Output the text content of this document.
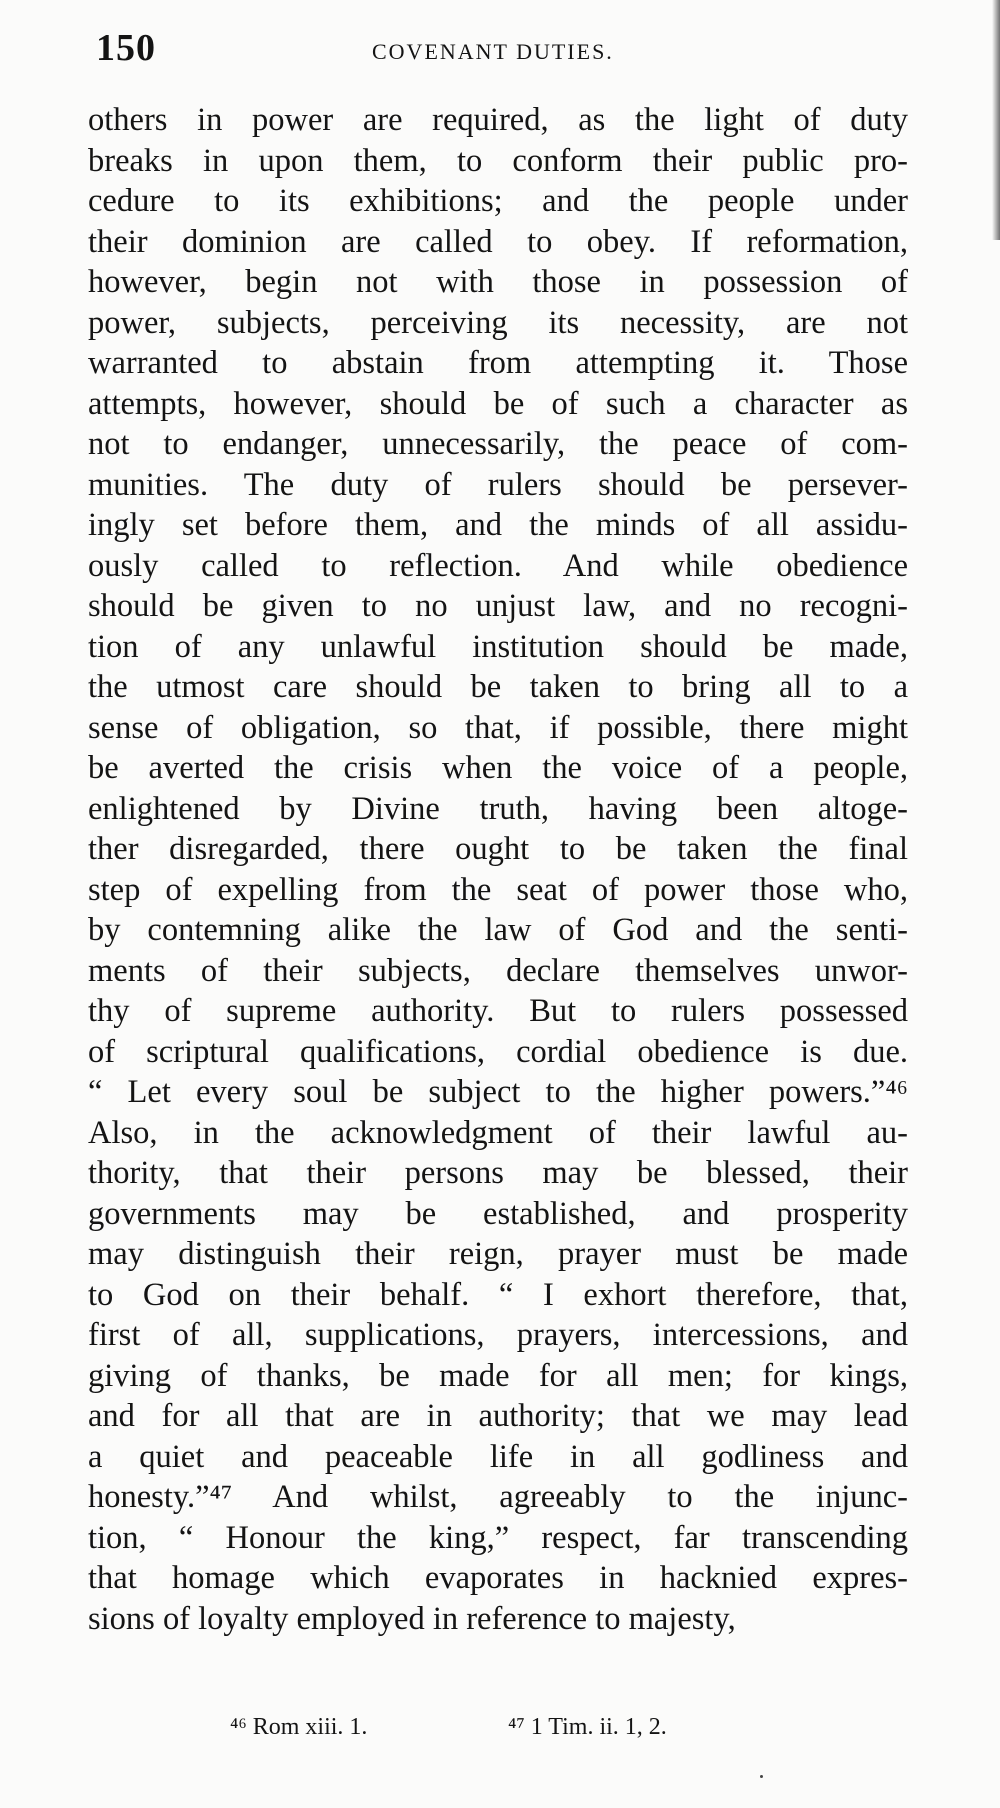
150	COVENANT DUTIES.
others in power are required, as the light of duty
breaks in upon them, to conform their public pro-
cedure to its exhibitions; and the people under
their dominion are called to obey. If reformation,
however, begin not with those in possession of
power, subjects, perceiving its necessity, are not
warranted to abstain from attempting it. Those
attempts, however, should be of such a character as
not to endanger, unnecessarily, the peace of com-
munities. The duty of rulers should be persever-
ingly set before them, and the minds of all assidu-
ously called to reflection. And while obedience
should be given to no unjust law, and no recogni-
tion of any unlawful institution should be made,
the utmost care should be taken to bring all to a
sense of obligation, so that, if possible, there might
be averted the crisis when the voice of a people,
enlightened by Divine truth, having been altoge-
ther disregarded, there ought to be taken the final
step of expelling from the seat of power those who,
by contemning alike the law of God and the senti-
ments of their subjects, declare themselves unwor-
thy of supreme authority. But to rulers possessed
of scriptural qualifications, cordial obedience is due.
“ Let every soul be subject to the higher powers.”⁴⁶
Also, in the acknowledgment of their lawful au-
thority, that their persons may be blessed, their
governments may be established, and prosperity
may distinguish their reign, prayer must be made
to God on their behalf. “ I exhort therefore, that,
first of all, supplications, prayers, intercessions, and
giving of thanks, be made for all men; for kings,
and for all that are in authority; that we may lead
a quiet and peaceable life in all godliness and
honesty.”⁴⁷ And whilst, agreeably to the injunc-
tion, “ Honour the king,” respect, far transcending
that homage which evaporates in hacknied expres-
sions of loyalty employed in reference to majesty,
⁴⁶ Rom xiii. 1.	⁴⁷ 1 Tim. ii. 1, 2.
